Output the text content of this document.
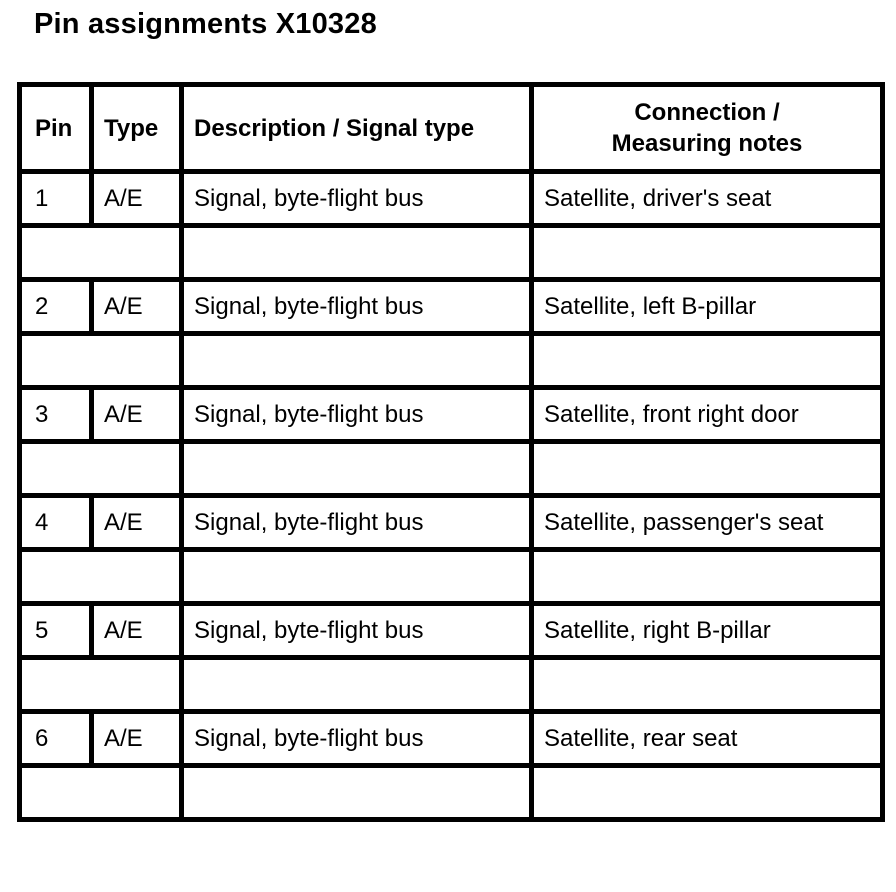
Pin assignments X10328
Pin	Type	Description / Signal type	Connection /
Measuring notes
1	A/E	Signal, byte-flight bus	Satellite, driver's seat

2	A/E	Signal, byte-flight bus	Satellite, left B-pillar

3	A/E	Signal, byte-flight bus	Satellite, front right door

4	A/E	Signal, byte-flight bus	Satellite, passenger's seat

5	A/E	Signal, byte-flight bus	Satellite, right B-pillar

6	A/E	Signal, byte-flight bus	Satellite, rear seat
